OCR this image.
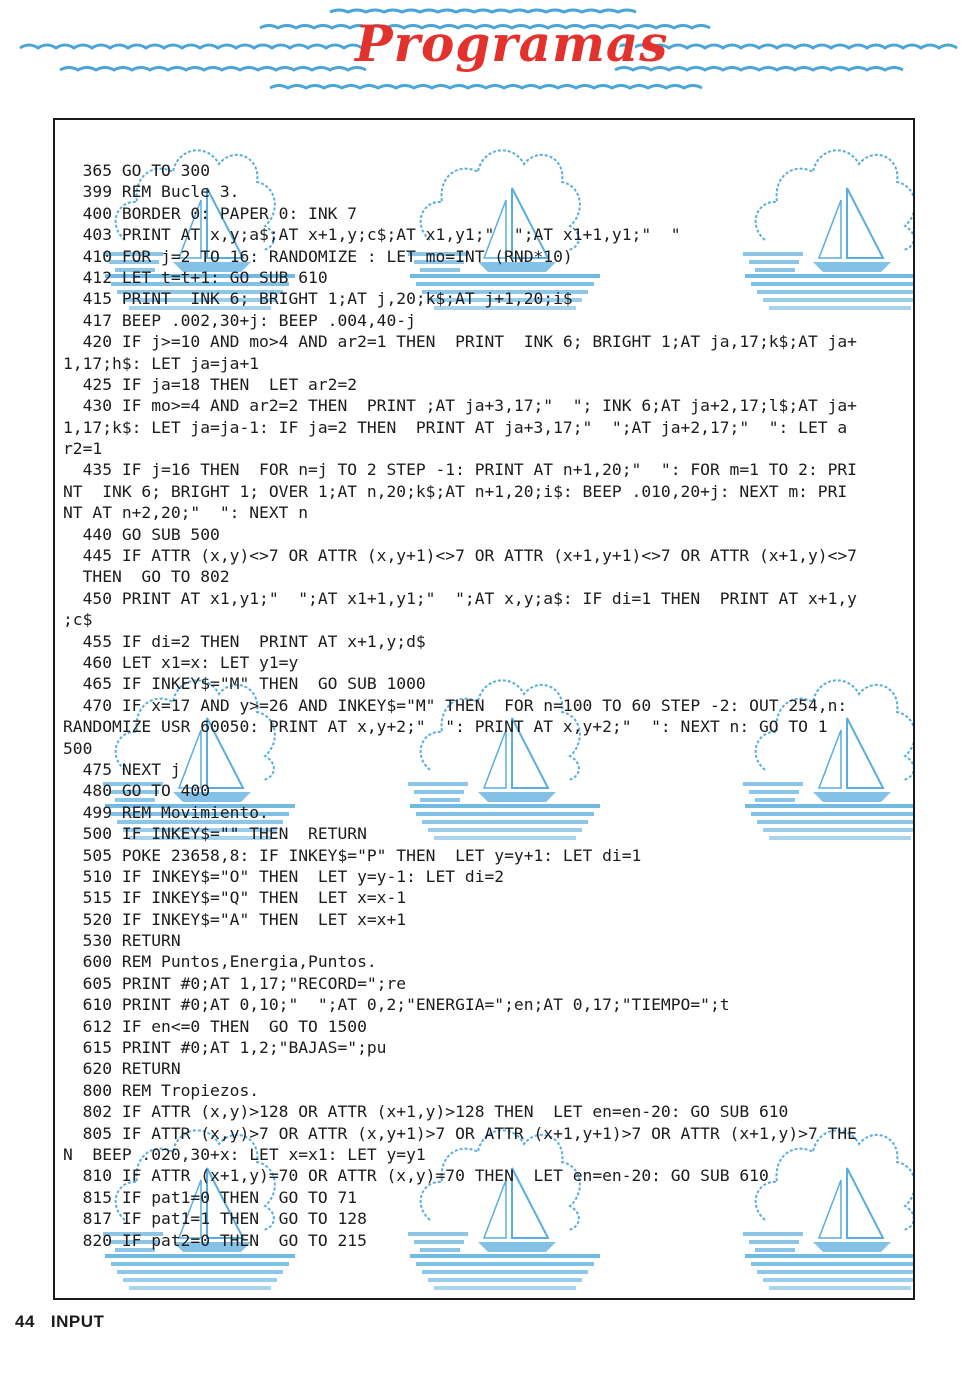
Programas
365 GO TO 300
399 REM Bucle 3.
400 BORDER 0: PAPER 0: INK 7
403 PRINT AT x,y;a$;AT x+1,y;c$;AT x1,y1;"  ";AT x1+1,y1;"  "
410 FOR j=2 TO 16: RANDOMIZE : LET mo=INT (RND*10)
412 LET t=t+1: GO SUB 610
415 PRINT  INK 6; BRIGHT 1;AT j,20;k$;AT j+1,20;i$
417 BEEP .002,30+j: BEEP .004,40-j
420 IF j>=10 AND mo>4 AND ar2=1 THEN  PRINT  INK 6; BRIGHT 1;AT ja,17;k$;AT ja+
1,17;h$: LET ja=ja+1
425 IF ja=18 THEN  LET ar2=2
430 IF mo>=4 AND ar2=2 THEN  PRINT ;AT ja+3,17;"  "; INK 6;AT ja+2,17;l$;AT ja+
1,17;k$: LET ja=ja-1: IF ja=2 THEN  PRINT AT ja+3,17;"  ";AT ja+2,17;"  ": LET a
r2=1
435 IF j=16 THEN  FOR n=j TO 2 STEP -1: PRINT AT n+1,20;"  ": FOR m=1 TO 2: PRI
NT  INK 6; BRIGHT 1; OVER 1;AT n,20;k$;AT n+1,20;i$: BEEP .010,20+j: NEXT m: PRI
NT AT n+2,20;"  ": NEXT n
440 GO SUB 500
445 IF ATTR (x,y)<>7 OR ATTR (x,y+1)<>7 OR ATTR (x+1,y+1)<>7 OR ATTR (x+1,y)<>7
THEN  GO TO 802
450 PRINT AT x1,y1;"  ";AT x1+1,y1;"  ";AT x,y;a$: IF di=1 THEN  PRINT AT x+1,y
;c$
455 IF di=2 THEN  PRINT AT x+1,y;d$
460 LET x1=x: LET y1=y
465 IF INKEY$="M" THEN  GO SUB 1000
470 IF x=17 AND y>=26 AND INKEY$="M" THEN  FOR n=100 TO 60 STEP -2: OUT 254,n:
RANDOMIZE USR 60050: PRINT AT x,y+2;"  ": PRINT AT x,y+2;"  ": NEXT n: GO TO 1
500
475 NEXT j
480 GO TO 400
499 REM Movimiento.
500 IF INKEY$="" THEN  RETURN
505 POKE 23658,8: IF INKEY$="P" THEN  LET y=y+1: LET di=1
510 IF INKEY$="O" THEN  LET y=y-1: LET di=2
515 IF INKEY$="Q" THEN  LET x=x-1
520 IF INKEY$="A" THEN  LET x=x+1
530 RETURN
600 REM Puntos,Energia,Puntos.
605 PRINT #0;AT 1,17;"RECORD=";re
610 PRINT #0;AT 0,10;"  ";AT 0,2;"ENERGIA=";en;AT 0,17;"TIEMPO=";t
612 IF en<=0 THEN  GO TO 1500
615 PRINT #0;AT 1,2;"BAJAS=";pu
620 RETURN
800 REM Tropiezos.
802 IF ATTR (x,y)>128 OR ATTR (x+1,y)>128 THEN  LET en=en-20: GO SUB 610
805 IF ATTR (x,y)>7 OR ATTR (x,y+1)>7 OR ATTR (x+1,y+1)>7 OR ATTR (x+1,y)>7 THE
N  BEEP .020,30+x: LET x=x1: LET y=y1
810 IF ATTR (x+1,y)=70 OR ATTR (x,y)=70 THEN  LET en=en-20: GO SUB 610
815 IF pat1=0 THEN  GO TO 71
817 IF pat1=1 THEN  GO TO 128
820 IF pat2=0 THEN  GO TO 215
44 INPUT
